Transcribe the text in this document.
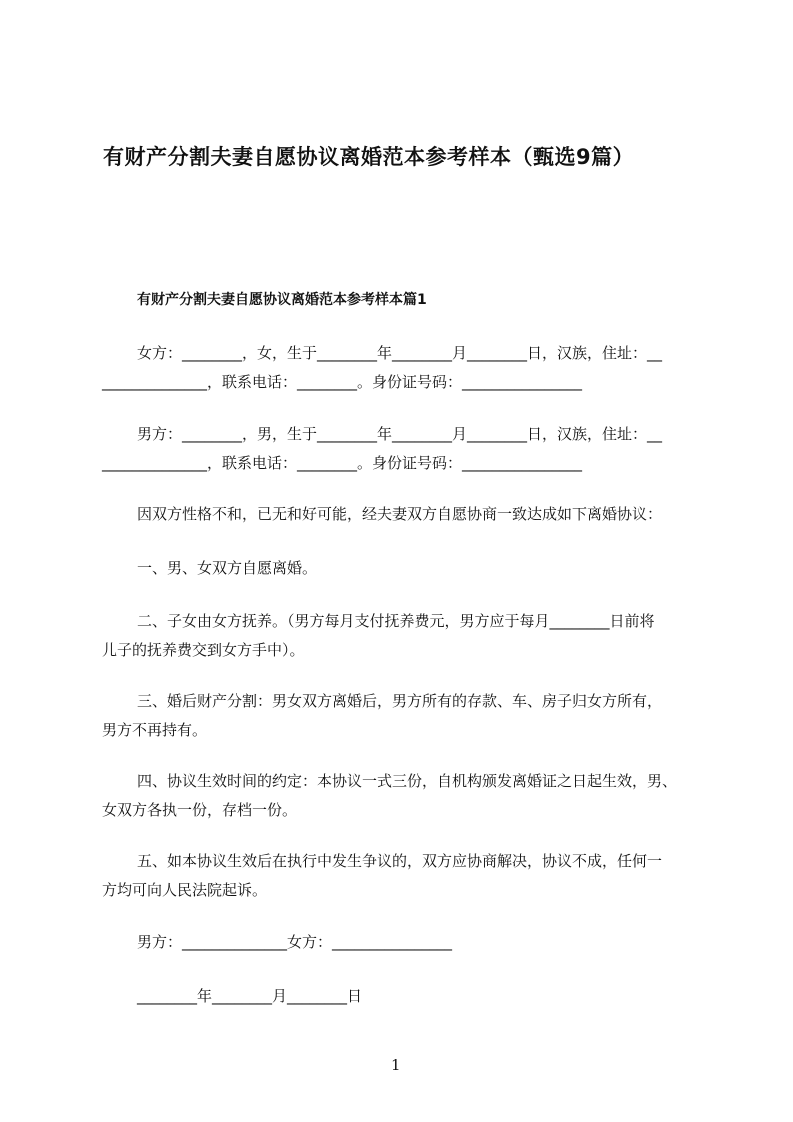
有财产分割夫妻自愿协议离婚范本参考样本（甄选9篇）
有财产分割夫妻自愿协议离婚范本参考样本篇1
女方：________，女，生于________年________月________日，汉族，住址：__
______________，联系电话：________。身份证号码：________________
男方：________，男，生于________年________月________日，汉族，住址：__
______________，联系电话：________。身份证号码：________________
因双方性格不和，已无和好可能，经夫妻双方自愿协商一致达成如下离婚协议：
一、男、女双方自愿离婚。
二、子女由女方抚养。（男方每月支付抚养费元，男方应于每月________日前将
儿子的抚养费交到女方手中）。
三、婚后财产分割：男女双方离婚后，男方所有的存款、车、房子归女方所有，
男方不再持有。
四、协议生效时间的约定：本协议一式三份，自机构颁发离婚证之日起生效，男、
女双方各执一份，存档一份。
五、如本协议生效后在执行中发生争议的，双方应协商解决，协议不成，任何一
方均可向人民法院起诉。
男方：______________女方：________________
________年________月________日
1
